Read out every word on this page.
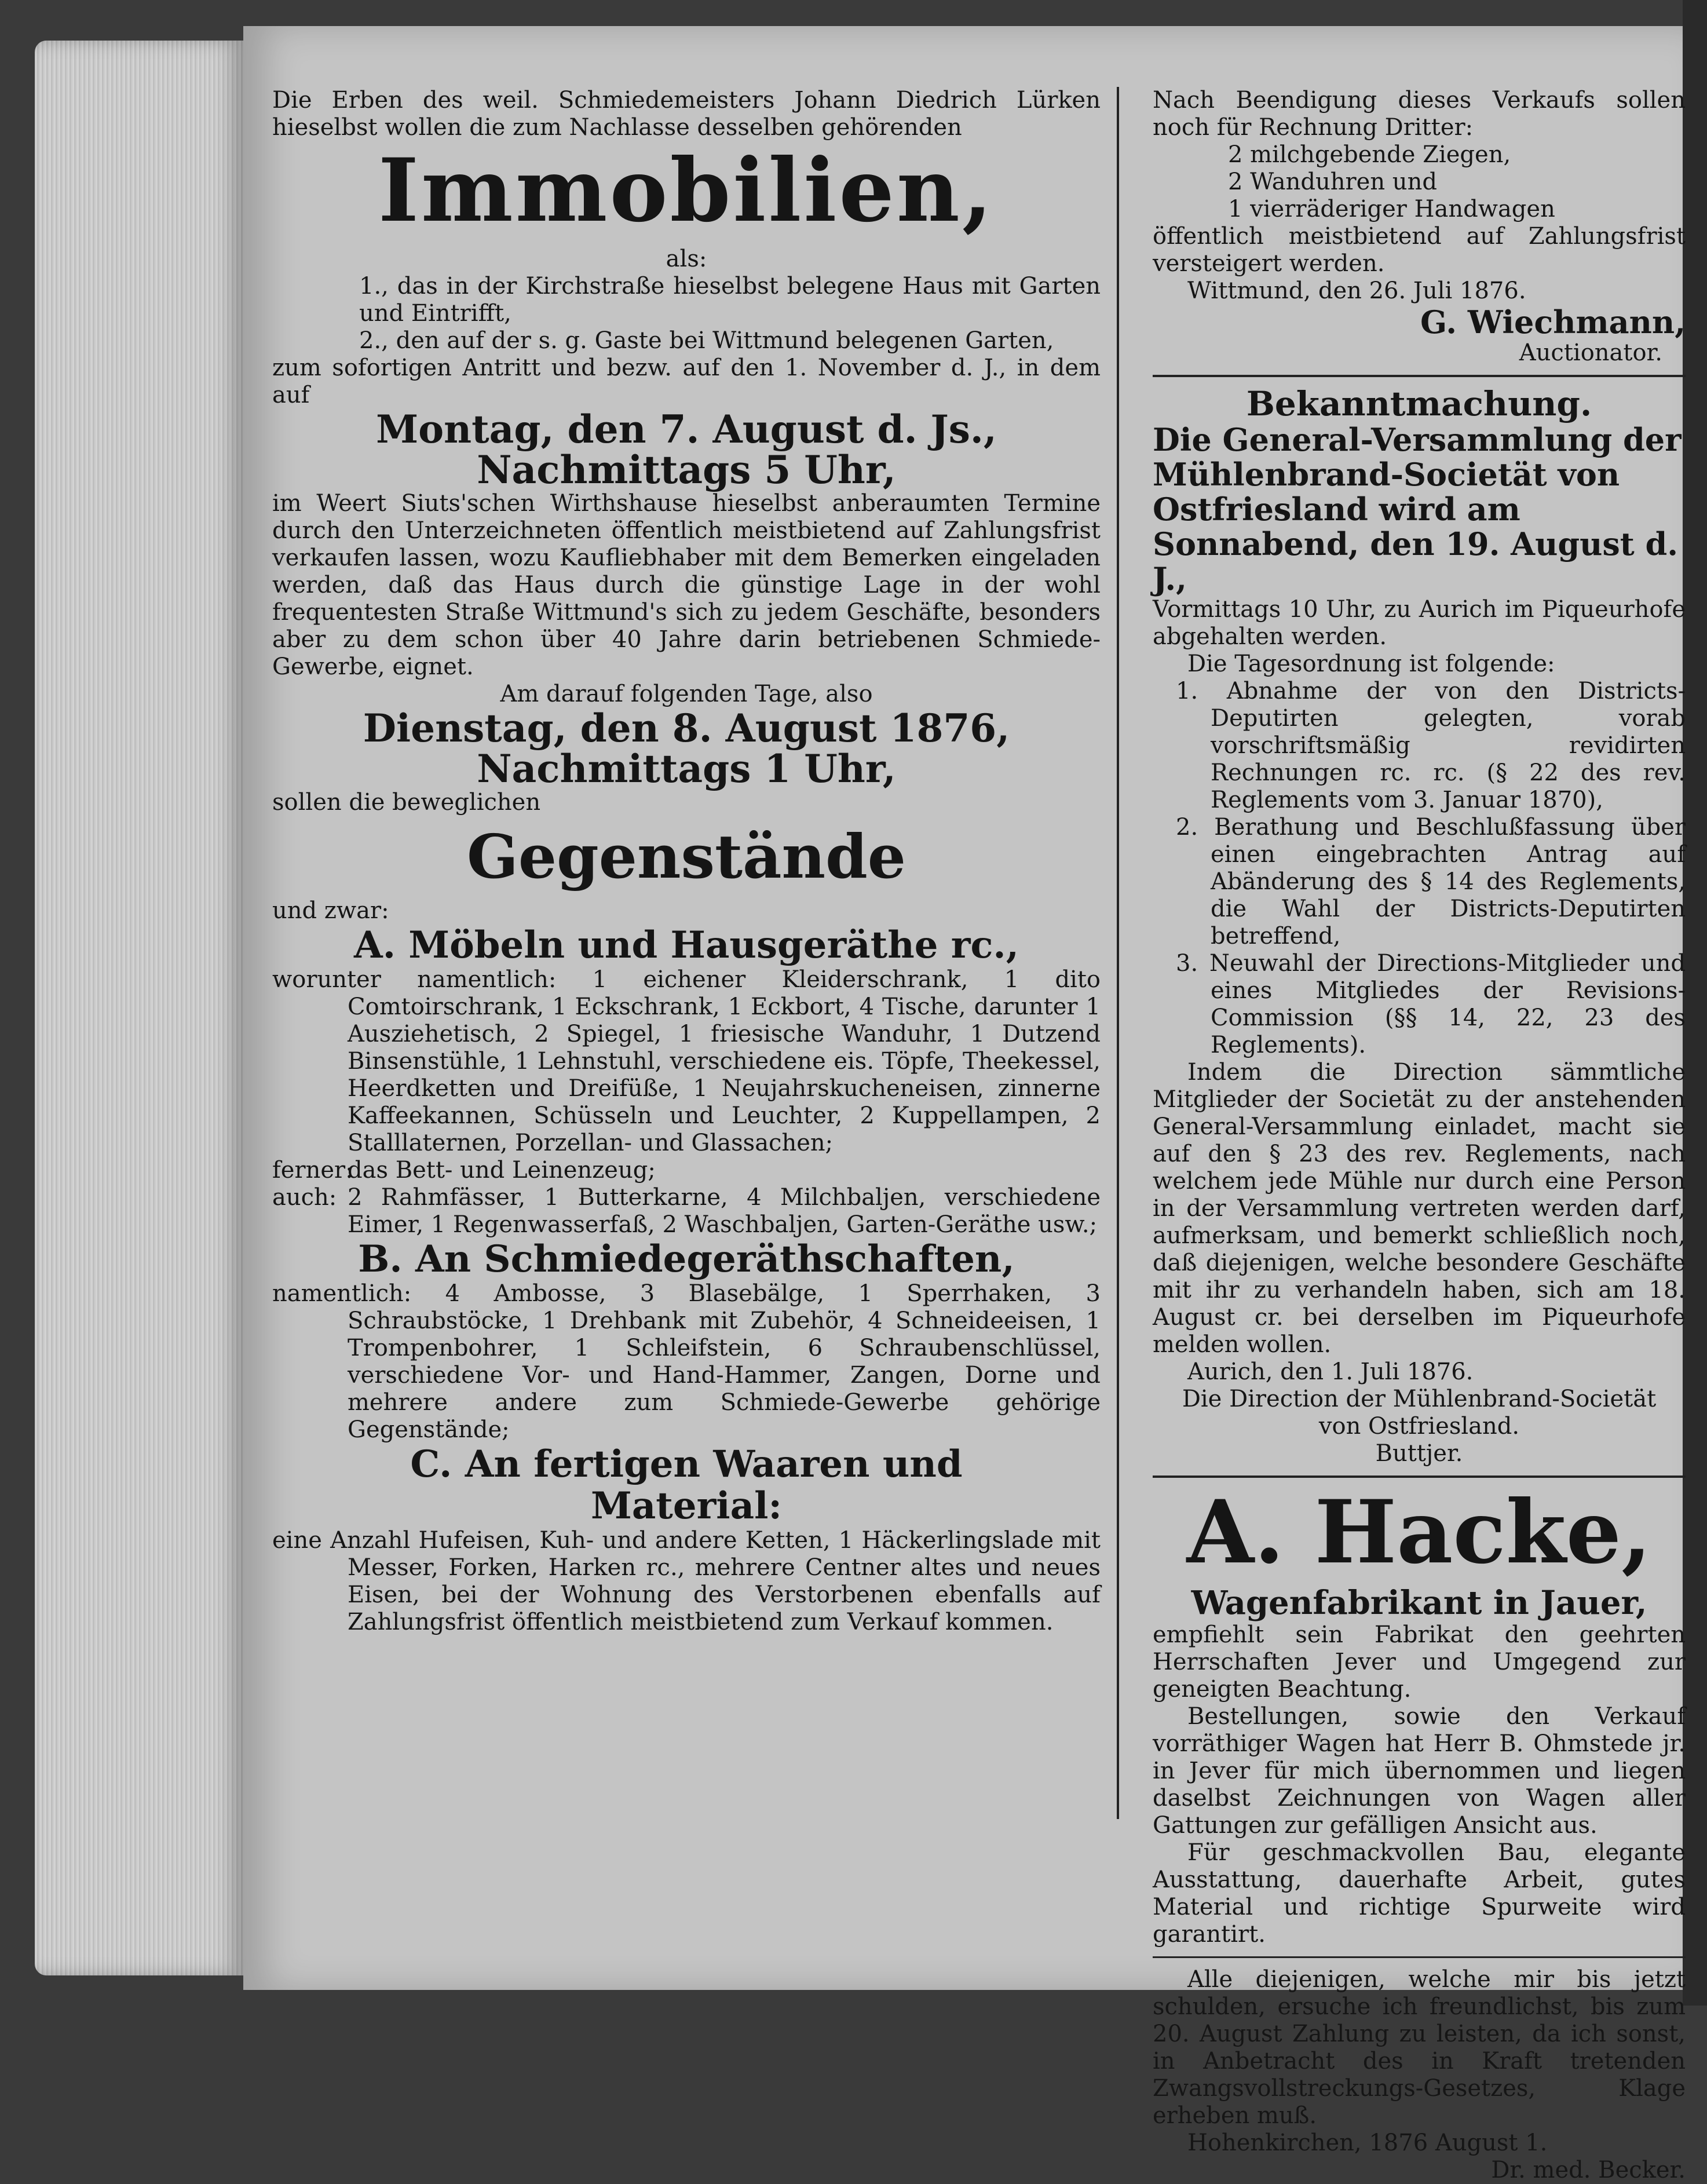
Die Erben des weil. Schmiedemeisters Johann Diedrich Lürken hieselbst wollen die zum Nachlasse desselben gehörenden

Immobilien,

als:

1., das in der Kirchstraße hieselbst belegene Haus mit Garten und Eintrifft,

2., den auf der s. g. Gaste bei Wittmund belegenen Garten,

zum sofortigen Antritt und bezw. auf den 1. November d. J., in dem auf

Montag, den 7. August d. Js.,
Nachmittags 5 Uhr,

im Weert Siuts'schen Wirthshause hieselbst anberaumten Termine durch den Unterzeichneten öffentlich meistbietend auf Zahlungsfrist verkaufen lassen, wozu Kaufliebhaber mit dem Bemerken eingeladen werden, daß das Haus durch die günstige Lage in der wohl frequentesten Straße Wittmund's sich zu jedem Geschäfte, besonders aber zu dem schon über 40 Jahre darin betriebenen Schmiede-Gewerbe, eignet.

Am darauf folgenden Tage, also

Dienstag, den 8. August 1876,
Nachmittags 1 Uhr,

sollen die beweglichen

Gegenstände

und zwar:

A. Möbeln und Hausgeräthe rc.,

worunter namentlich: 1 eichener Kleiderschrank, 1 dito Comtoirschrank, 1 Eckschrank, 1 Eckbort, 4 Tische, darunter 1 Ausziehetisch, 2 Spiegel, 1 friesische Wanduhr, 1 Dutzend Binsenstühle, 1 Lehnstuhl, verschiedene eis. Töpfe, Theekessel, Heerdketten und Dreifüße, 1 Neujahrskucheneisen, zinnerne Kaffeekannen, Schüsseln und Leuchter, 2 Kuppellampen, 2 Stalllaternen, Porzellan- und Glassachen;

ferner:
das Bett- und Leinenzeug;
auch: 2 Rahmfässer, 1 Butterkarne, 4 Milchbaljen, verschiedene Eimer, 1 Regenwasserfaß, 2 Waschbaljen, Garten-Geräthe usw.;
B. An Schmiedegeräthschaften,

namentlich: 4 Ambosse, 3 Blasebälge, 1 Sperrhaken, 3 Schraubstöcke, 1 Drehbank mit Zubehör, 4 Schneideeisen, 1 Trompenbohrer, 1 Schleifstein, 6 Schraubenschlüssel, verschiedene Vor- und Hand-Hammer, Zangen, Dorne und mehrere andere zum Schmiede-Gewerbe gehörige Gegenstände;

C. An fertigen Waaren und
Material:

eine Anzahl Hufeisen, Kuh- und andere Ketten, 1 Häckerlingslade mit Messer, Forken, Harken rc., mehrere Centner altes und neues Eisen, bei der Wohnung des Verstorbenen ebenfalls auf Zahlungsfrist öffentlich meistbietend zum Verkauf kommen.

Nach Beendigung dieses Verkaufs sollen noch für Rechnung Dritter:

2 milchgebende Ziegen,

2 Wanduhren und

1 vierräderiger Handwagen

öffentlich meistbietend auf Zahlungsfrist versteigert werden.

Wittmund, den 26. Juli 1876.

G. Wiechmann,

Auctionator.

Bekanntmachung.
Die General-Versammlung der Mühlenbrand-Societät von Ostfriesland wird am
Sonnabend, den 19. August d. J.,

Vormittags 10 Uhr, zu Aurich im Piqueurhofe abgehalten werden.

Die Tagesordnung ist folgende:

1. Abnahme der von den Districts-Deputirten gelegten, vorab vorschriftsmäßig revidirten Rechnungen rc. rc. (§ 22 des rev. Reglements vom 3. Januar 1870),

2. Berathung und Beschlußfassung über einen eingebrachten Antrag auf Abänderung des § 14 des Reglements, die Wahl der Districts-Deputirten betreffend,

3. Neuwahl der Directions-Mitglieder und eines Mitgliedes der Revisions-Commission (§§ 14, 22, 23 des Reglements).

Indem die Direction sämmtliche Mitglieder der Societät zu der anstehenden General-Versammlung einladet, macht sie auf den § 23 des rev. Reglements, nach welchem jede Mühle nur durch eine Person in der Versammlung vertreten werden darf, aufmerksam, und bemerkt schließlich noch, daß diejenigen, welche besondere Geschäfte mit ihr zu verhandeln haben, sich am 18. August cr. bei derselben im Piqueurhofe melden wollen.

Aurich, den 1. Juli 1876.

Die Direction der Mühlenbrand-Societät

von Ostfriesland.

Buttjer.

A. Hacke,
Wagenfabrikant in Jauer,

empfiehlt sein Fabrikat den geehrten Herrschaften Jever und Umgegend zur geneigten Beachtung.

Bestellungen, sowie den Verkauf vorräthiger Wagen hat Herr B. Ohmstede jr. in Jever für mich übernommen und liegen daselbst Zeichnungen von Wagen aller Gattungen zur gefälligen Ansicht aus.

Für geschmackvollen Bau, elegante Ausstattung, dauerhafte Arbeit, gutes Material und richtige Spurweite wird garantirt.

Alle diejenigen, welche mir bis jetzt schulden, ersuche ich freundlichst, bis zum 20. August Zahlung zu leisten, da ich sonst, in Anbetracht des in Kraft tretenden Zwangsvollstreckungs-Gesetzes, Klage erheben muß.

Hohenkirchen, 1876 August 1.

Dr. med. Becker.
